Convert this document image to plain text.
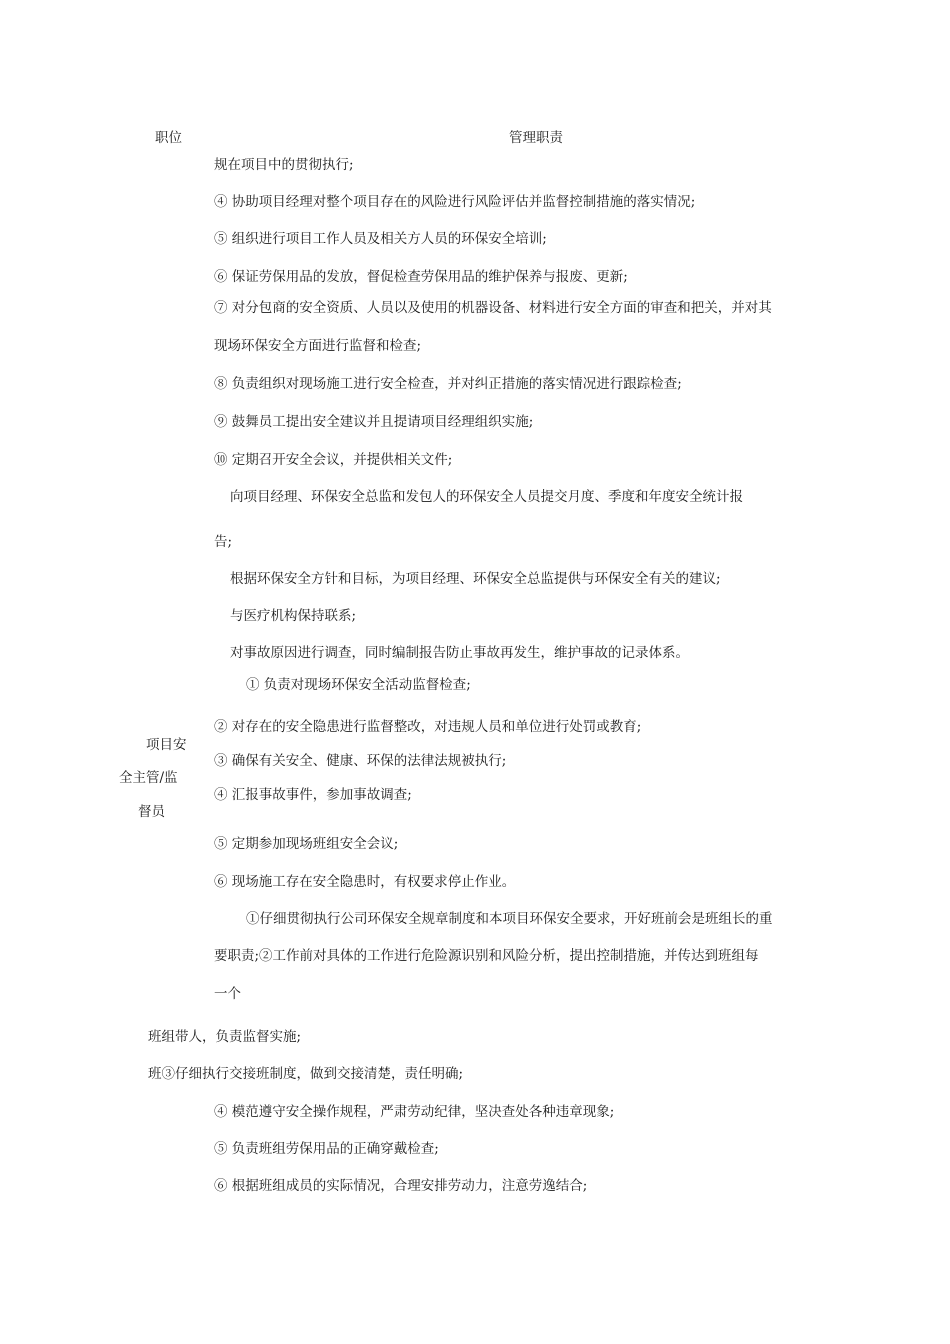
职位	管理职责
规在项目中的贯彻执行;
④ 协助项目经理对整个项目存在的风险进行风险评估并监督控制措施的落实情况;
⑤ 组织进行项目工作人员及相关方人员的环保安全培训;
⑥ 保证劳保用品的发放，督促检查劳保用品的维护保养与报废、更新;
⑦ 对分包商的安全资质、人员以及使用的机器设备、材料进行安全方面的审查和把关，并对其
现场环保安全方面进行监督和检查;
⑧ 负责组织对现场施工进行安全检查，并对纠正措施的落实情况进行跟踪检查;
⑨ 鼓舞员工提出安全建议并且提请项目经理组织实施;
⑩ 定期召开安全会议，并提供相关文件;
向项目经理、环保安全总监和发包人的环保安全人员提交月度、季度和年度安全统计报
告;
根据环保安全方针和目标，为项目经理、环保安全总监提供与环保安全有关的建议;
与医疗机构保持联系;
对事故原因进行调查，同时编制报告防止事故再发生，维护事故的记录体系。
项目安
全主管/监
督员
① 负责对现场环保安全活动监督检查;
② 对存在的安全隐患进行监督整改，对违规人员和单位进行处罚或教育;
③ 确保有关安全、健康、环保的法律法规被执行;
④ 汇报事故事件，参加事故调查;
⑤ 定期参加现场班组安全会议;
⑥ 现场施工存在安全隐患时，有权要求停止作业。
①仔细贯彻执行公司环保安全规章制度和本项目环保安全要求，开好班前会是班组长的重
要职责;②工作前对具体的工作进行危险源识别和风险分析，提出控制措施，并传达到班组每
一个
班组带人，负责监督实施;
班③仔细执行交接班制度，做到交接清楚，责任明确;
④ 模范遵守安全操作规程，严肃劳动纪律，坚决查处各种违章现象;
⑤ 负责班组劳保用品的正确穿戴检查;
⑥ 根据班组成员的实际情况，合理安排劳动力，注意劳逸结合;
